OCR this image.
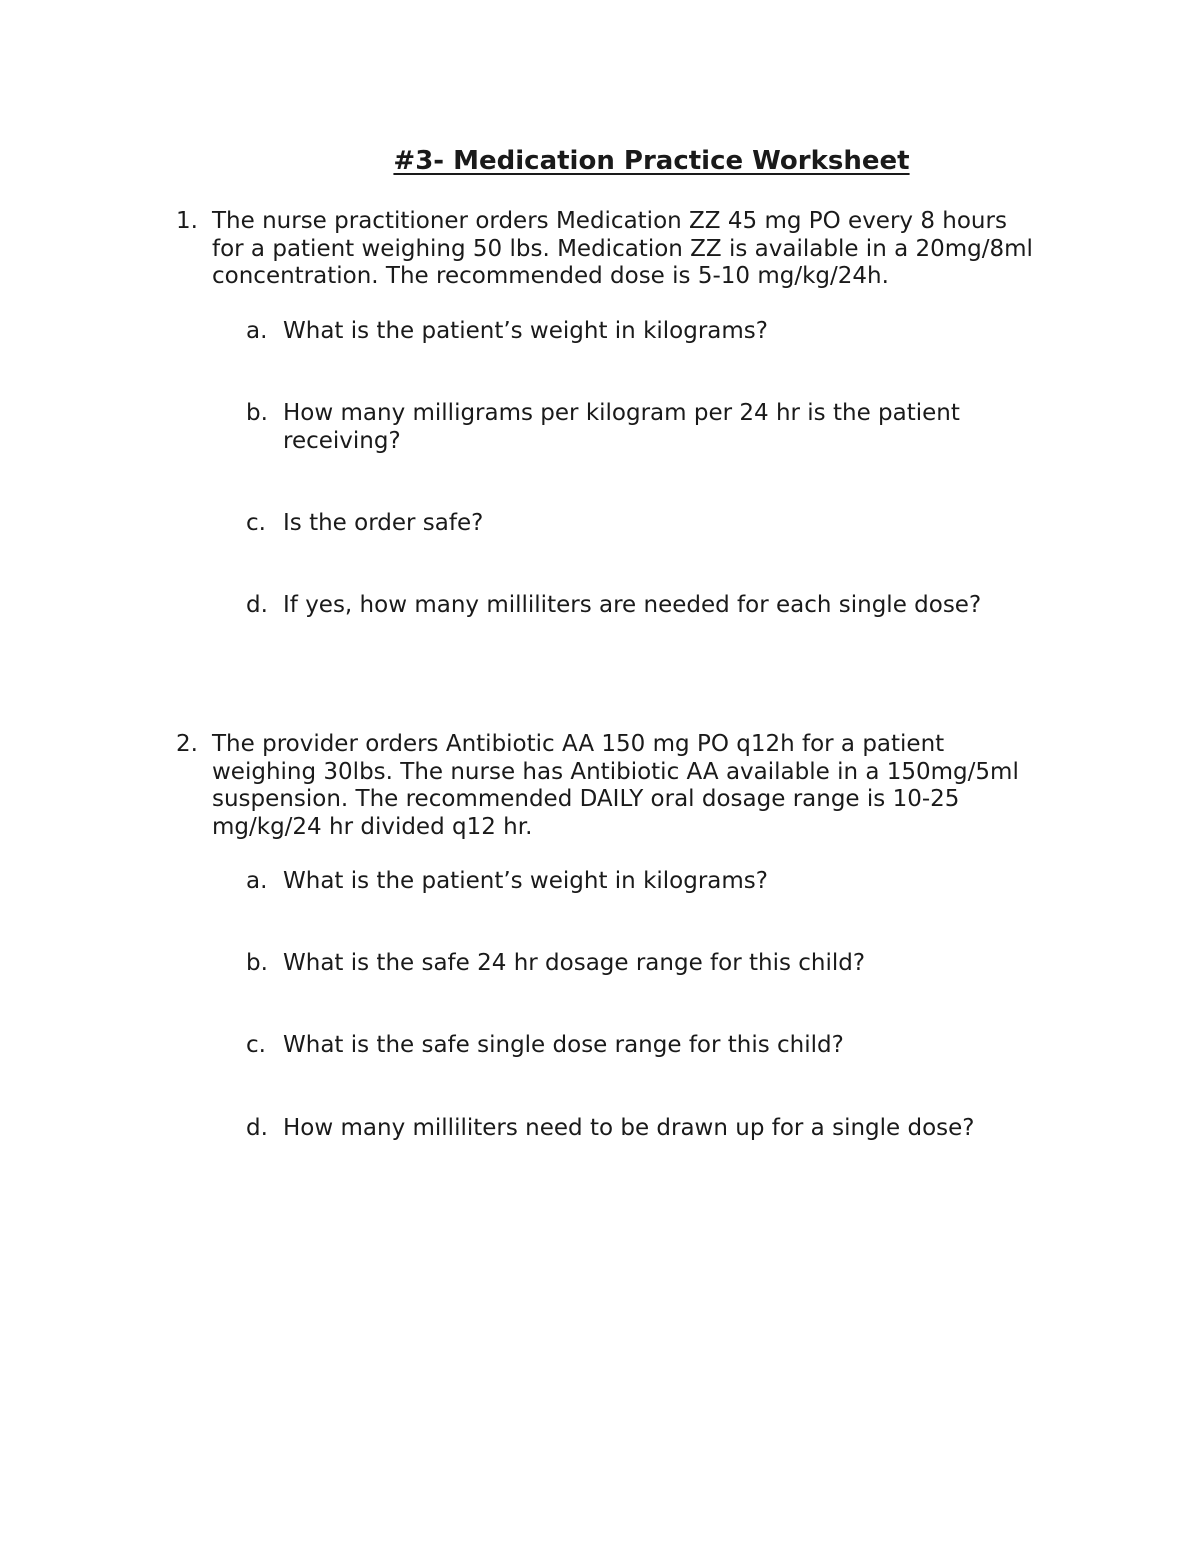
#3- Medication Practice Worksheet
1. The nurse practitioner orders Medication ZZ 45 mg PO every 8 hours
for a patient weighing 50 lbs. Medication ZZ is available in a 20mg/8ml
concentration. The recommended dose is 5-10 mg/kg/24h.
a. What is the patient’s weight in kilograms?
b. How many milligrams per kilogram per 24 hr is the patient
receiving?
c. Is the order safe?
d. If yes, how many milliliters are needed for each single dose?
2. The provider orders Antibiotic AA 150 mg PO q12h for a patient
weighing 30lbs. The nurse has Antibiotic AA available in a 150mg/5ml
suspension. The recommended DAILY oral dosage range is 10-25
mg/kg/24 hr divided q12 hr.
a. What is the patient’s weight in kilograms?
b. What is the safe 24 hr dosage range for this child?
c. What is the safe single dose range for this child?
d. How many milliliters need to be drawn up for a single dose?
